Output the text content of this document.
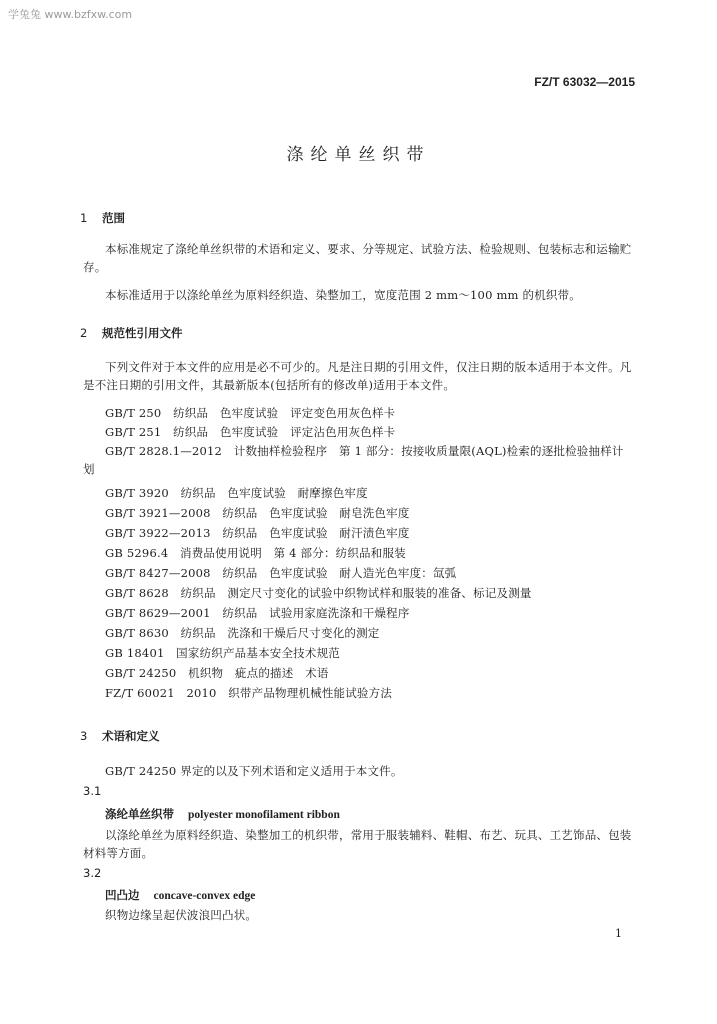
学兔兔 www.bzfxw.com
FZ/T 63032—2015
涤纶单丝织带
1 范围
本标准规定了涤纶单丝织带的术语和定义、要求、分等规定、试验方法、检验规则、包装标志和运输贮存。
本标准适用于以涤纶单丝为原料经织造、染整加工，宽度范围 2 mm～100 mm 的机织带。
2 规范性引用文件
下列文件对于本文件的应用是必不可少的。凡是注日期的引用文件，仅注日期的版本适用于本文件。凡是不注日期的引用文件，其最新版本(包括所有的修改单)适用于本文件。
GB/T 250　纺织品　色牢度试验　评定变色用灰色样卡
GB/T 251　纺织品　色牢度试验　评定沾色用灰色样卡
GB/T 2828.1—2012　计数抽样检验程序　第 1 部分：按接收质量限(AQL)检索的逐批检验抽样计划
GB/T 3920　纺织品　色牢度试验　耐摩擦色牢度
GB/T 3921—2008　纺织品　色牢度试验　耐皂洗色牢度
GB/T 3922—2013　纺织品　色牢度试验　耐汗渍色牢度
GB 5296.4　消费品使用说明　第 4 部分：纺织品和服装
GB/T 8427—2008　纺织品　色牢度试验　耐人造光色牢度：氙弧
GB/T 8628　纺织品　测定尺寸变化的试验中织物试样和服装的准备、标记及测量
GB/T 8629—2001　纺织品　试验用家庭洗涤和干燥程序
GB/T 8630　纺织品　洗涤和干燥后尺寸变化的测定
GB 18401　国家纺织产品基本安全技术规范
GB/T 24250　机织物　疵点的描述　术语
FZ/T 60021　2010　织带产品物理机械性能试验方法
3 术语和定义
GB/T 24250 界定的以及下列术语和定义适用于本文件。
3.1
涤纶单丝织带 polyester monofilament ribbon
以涤纶单丝为原料经织造、染整加工的机织带，常用于服装辅料、鞋帽、布艺、玩具、工艺饰品、包装材料等方面。
3.2
凹凸边 concave-convex edge
织物边缘呈起伏波浪凹凸状。
1
